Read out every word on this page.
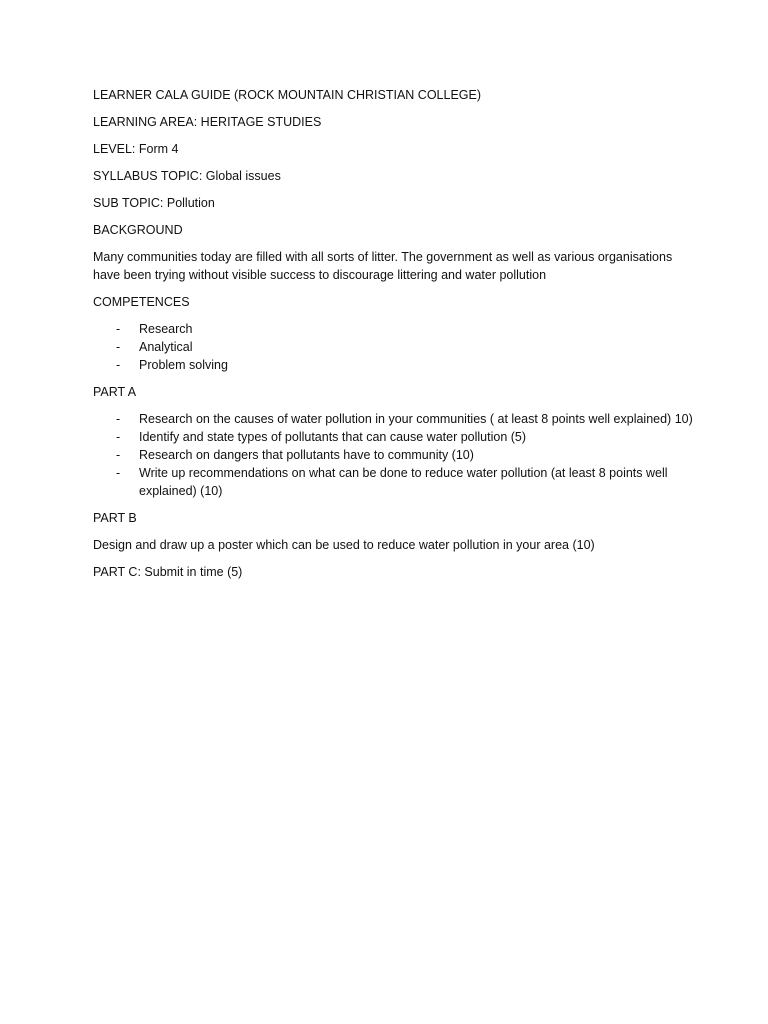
LEARNER CALA GUIDE (ROCK MOUNTAIN CHRISTIAN COLLEGE)

LEARNING AREA: HERITAGE STUDIES

LEVEL: Form 4

SYLLABUS TOPIC: Global issues

SUB TOPIC: Pollution

BACKGROUND

Many communities today are filled with all sorts of litter. The government as well as various organisations have been trying without visible success to discourage littering and water pollution

COMPETENCES

- Research
- Analytical
- Problem solving

PART A

- Research on the causes of water pollution in your communities ( at least 8 points well explained) 10)
- Identify and state types of pollutants that can cause water pollution (5)
- Research on dangers that pollutants have to community (10)
- Write up recommendations on what can be done to reduce water pollution (at least 8 points well explained) (10)

PART B

Design and draw up a poster which can be used to reduce water pollution in your area (10)

PART C: Submit in time (5)
